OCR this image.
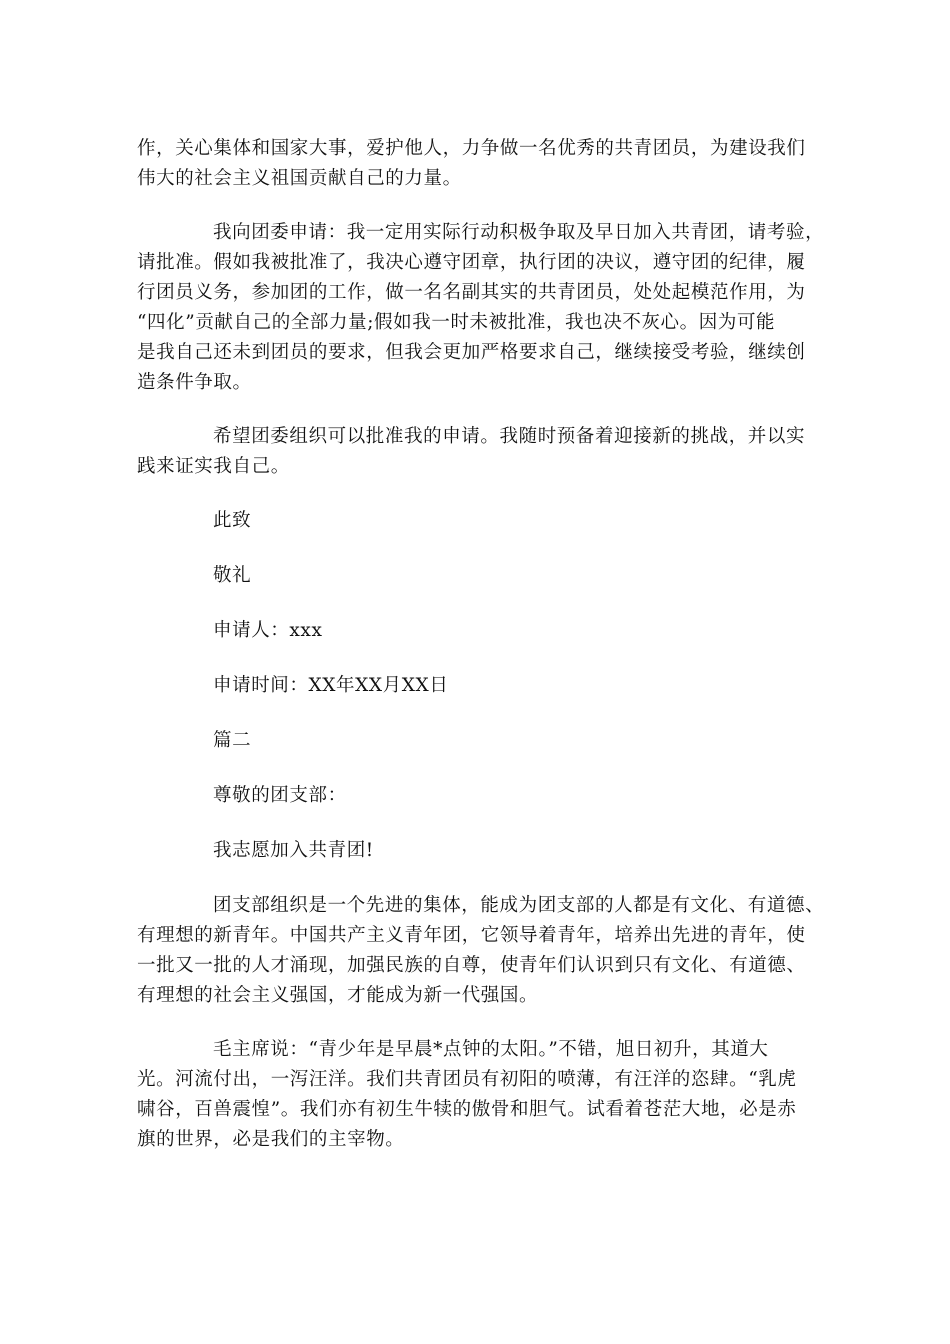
作，关心集体和国家大事，爱护他人，力争做一名优秀的共青团员，为建设我们
伟大的社会主义祖国贡献自己的力量。
我向团委申请：我一定用实际行动积极争取及早日加入共青团，请考验，
请批准。假如我被批准了，我决心遵守团章，执行团的决议，遵守团的纪律，履
行团员义务，参加团的工作，做一名名副其实的共青团员，处处起模范作用，为
“四化”贡献自己的全部力量;假如我一时未被批准，我也决不灰心。因为可能
是我自己还未到团员的要求，但我会更加严格要求自己，继续接受考验，继续创
造条件争取。
希望团委组织可以批准我的申请。我随时预备着迎接新的挑战，并以实
践来证实我自己。
此致
敬礼
申请人：xxx
申请时间：XX年XX月XX日
篇二
尊敬的团支部：
我志愿加入共青团!
团支部组织是一个先进的集体，能成为团支部的人都是有文化、有道德、
有理想的新青年。中国共产主义青年团，它领导着青年，培养出先进的青年，使
一批又一批的人才涌现，加强民族的自尊，使青年们认识到只有文化、有道德、
有理想的社会主义强国，才能成为新一代强国。
毛主席说：“青少年是早晨*点钟的太阳。”不错，旭日初升，其道大
光。河流付出，一泻汪洋。我们共青团员有初阳的喷薄，有汪洋的恣肆。“乳虎
啸谷，百兽震惶”。我们亦有初生牛犊的傲骨和胆气。试看着苍茫大地，必是赤
旗的世界，必是我们的主宰物。
